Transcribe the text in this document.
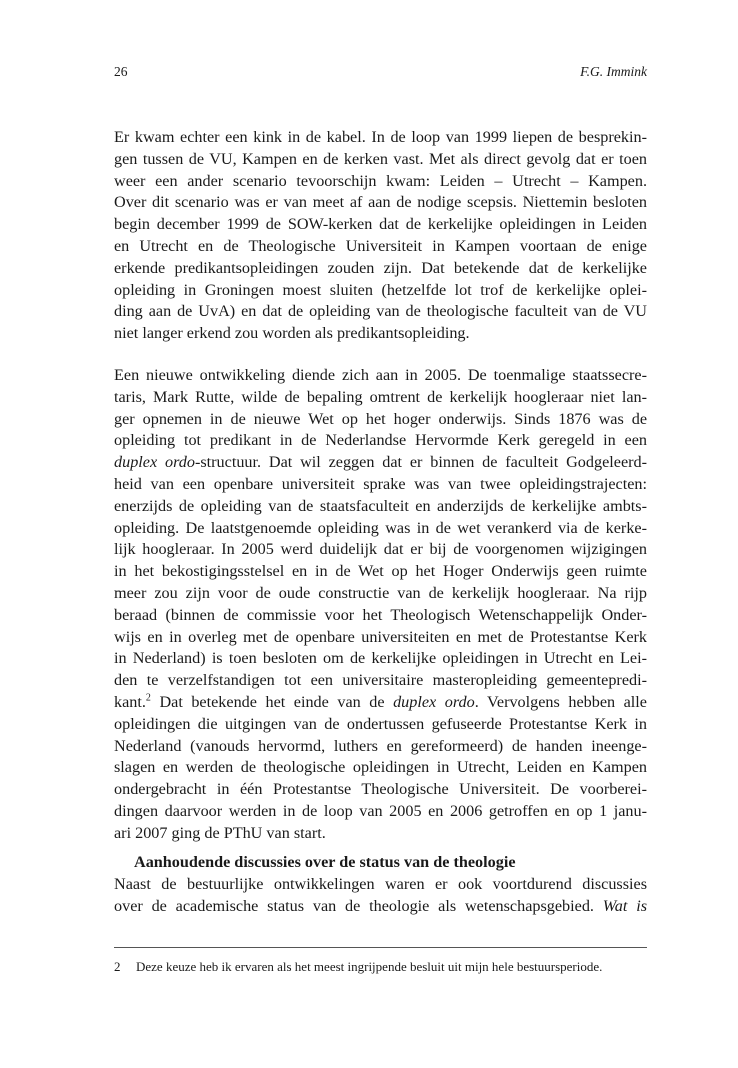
26	F.G. Immink
Er kwam echter een kink in de kabel. In de loop van 1999 liepen de besprekin-
gen tussen de VU, Kampen en de kerken vast. Met als direct gevolg dat er toen
weer een ander scenario tevoorschijn kwam: Leiden – Utrecht – Kampen.
Over dit scenario was er van meet af aan de nodige scepsis. Niettemin besloten
begin december 1999 de SOW-kerken dat de kerkelijke opleidingen in Leiden
en Utrecht en de Theologische Universiteit in Kampen voortaan de enige
erkende predikantsopleidingen zouden zijn. Dat betekende dat de kerkelijke
opleiding in Groningen moest sluiten (hetzelfde lot trof de kerkelijke oplei-
ding aan de UvA) en dat de opleiding van de theologische faculteit van de VU
niet langer erkend zou worden als predikantsopleiding.
Een nieuwe ontwikkeling diende zich aan in 2005. De toenmalige staatssecre-
taris, Mark Rutte, wilde de bepaling omtrent de kerkelijk hoogleraar niet lan-
ger opnemen in de nieuwe Wet op het hoger onderwijs. Sinds 1876 was de
opleiding tot predikant in de Nederlandse Hervormde Kerk geregeld in een
duplex ordo-structuur. Dat wil zeggen dat er binnen de faculteit Godgeleerd-
heid van een openbare universiteit sprake was van twee opleidingstrajecten:
enerzijds de opleiding van de staatsfaculteit en anderzijds de kerkelijke ambts-
opleiding. De laatstgenoemde opleiding was in de wet verankerd via de kerke-
lijk hoogleraar. In 2005 werd duidelijk dat er bij de voorgenomen wijzigingen
in het bekostigingsstelsel en in de Wet op het Hoger Onderwijs geen ruimte
meer zou zijn voor de oude constructie van de kerkelijk hoogleraar. Na rijp
beraad (binnen de commissie voor het Theologisch Wetenschappelijk Onder-
wijs en in overleg met de openbare universiteiten en met de Protestantse Kerk
in Nederland) is toen besloten om de kerkelijke opleidingen in Utrecht en Lei-
den te verzelfstandigen tot een universitaire masteropleiding gemeentepredi-
kant.$^2$ Dat betekende het einde van de duplex ordo. Vervolgens hebben alle
opleidingen die uitgingen van de ondertussen gefuseerde Protestantse Kerk in
Nederland (vanouds hervormd, luthers en gereformeerd) de handen ineenge-
slagen en werden de theologische opleidingen in Utrecht, Leiden en Kampen
ondergebracht in één Protestantse Theologische Universiteit. De voorberei-
dingen daarvoor werden in de loop van 2005 en 2006 getroffen en op 1 janu-
ari 2007 ging de PThU van start.
Aanhoudende discussies over de status van de theologie
Naast de bestuurlijke ontwikkelingen waren er ook voortdurend discussies
over de academische status van de theologie als wetenschapsgebied. Wat is
2 Deze keuze heb ik ervaren als het meest ingrijpende besluit uit mijn hele bestuursperiode.
